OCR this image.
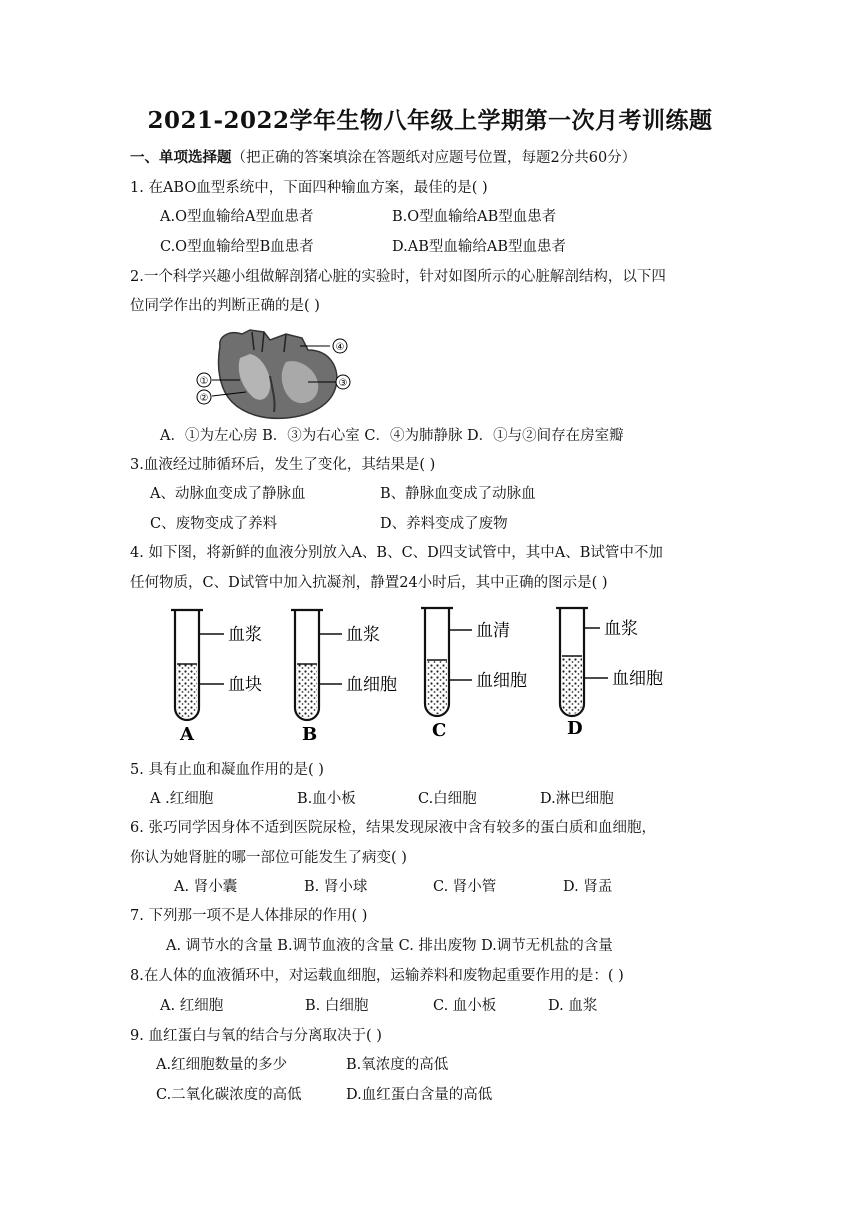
2021-2022学年生物八年级上学期第一次月考训练题
一、单项选择题（把正确的答案填涂在答题纸对应题号位置，每题2分共60分）
1. 在ABO血型系统中，下面四种输血方案，最佳的是( )
A.O型血输给A型血患者	B.O型血输给AB型血患者
C.O型血输给型B血患者	D.AB型血输给AB型血患者
2.一个科学兴趣小组做解剖猪心脏的实验时，针对如图所示的心脏解剖结构，以下四
位同学作出的判断正确的是( )
④
①
②
③
A．①为左心房 B．③为右心室 C．④为肺静脉 D．①与②间存在房室瓣
3.血液经过肺循环后，发生了变化，其结果是( )
A、动脉血变成了静脉血	B、静脉血变成了动脉血
C、废物变成了养料	D、养料变成了废物
4. 如下图，将新鲜的血液分别放入A、B、C、D四支试管中，其中A、B试管中不加
任何物质，C、D试管中加入抗凝剂，静置24小时后，其中正确的图示是( )
血浆
血块
A
血浆
血细胞
B
血清
血细胞
C
血浆
血细胞
D
5. 具有止血和凝血作用的是( )
A .红细胞	B.血小板	C.白细胞	D.淋巴细胞
6. 张巧同学因身体不适到医院尿检，结果发现尿液中含有较多的蛋白质和血细胞，
你认为她肾脏的哪一部位可能发生了病变( )
A. 肾小囊	B. 肾小球	C. 肾小管	D. 肾盂
7. 下列那一项不是人体排尿的作用( )
A. 调节水的含量 B.调节血液的含量 C. 排出废物 D.调节无机盐的含量
8.在人体的血液循环中，对运载血细胞，运输养料和废物起重要作用的是：( )
A. 红细胞	B. 白细胞	C. 血小板	D. 血浆
9. 血红蛋白与氧的结合与分离取决于( )
A.红细胞数量的多少	B.氧浓度的高低
C.二氧化碳浓度的高低	D.血红蛋白含量的高低
